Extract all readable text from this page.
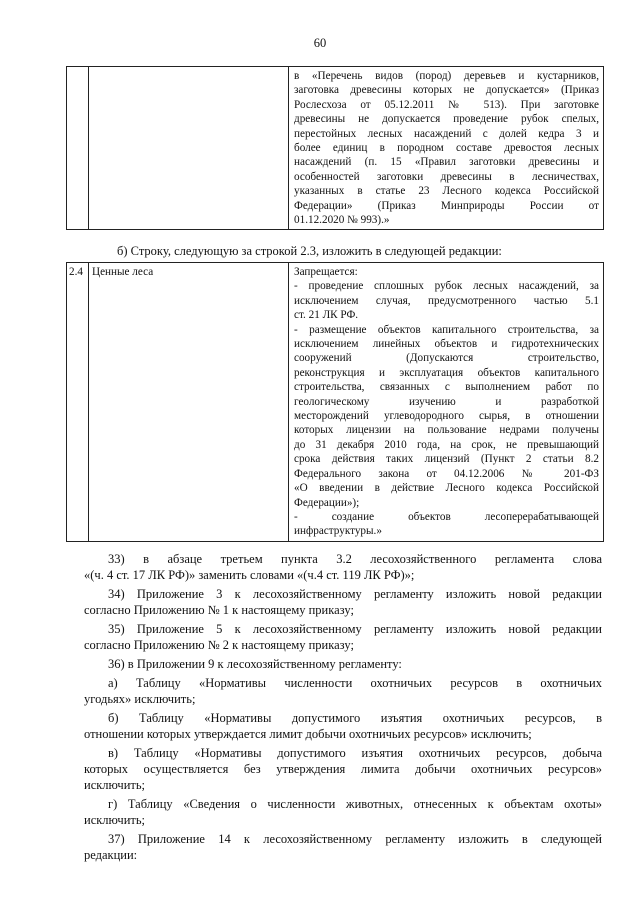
60

в «Перечень видов (пород) деревьев и кустарников,
заготовка древесины которых не допускается» (Приказ
Рослесхоза от 05.12.2011 № 513). При заготовке
древесины не допускается проведение рубок спелых,
перестойных лесных насаждений с долей кедра 3 и
более единиц в породном составе древостоя лесных
насаждений (п. 15 «Правил заготовки древесины и
особенностей заготовки древесины в лесничествах,
указанных в статье 23 Лесного кодекса Российской
Федерации» (Приказ Минприроды России от
01.12.2020 № 993).»
б) Строку, следующую за строкой 2.3, изложить в следующей редакции:
2.4	Ценные леса	Запрещается:
- проведение сплошных рубок лесных насаждений, за
исключением случая, предусмотренного частью 5.1
ст. 21 ЛК РФ.
- размещение объектов капитального строительства, за
исключением линейных объектов и гидротехнических
сооружений (Допускаются строительство,
реконструкция и эксплуатация объектов капитального
строительства, связанных с выполнением работ по
геологическому изучению и разработкой
месторождений углеводородного сырья, в отношении
которых лицензии на пользование недрами получены
до 31 декабря 2010 года, на срок, не превышающий
срока действия таких лицензий (Пункт 2 статьи 8.2
Федерального закона от 04.12.2006 № 201-ФЗ
«О введении в действие Лесного кодекса Российской
Федерации»);
- создание объектов лесоперерабатывающей
инфраструктуры.»

33) в абзаце третьем пункта 3.2 лесохозяйственного регламента слова
«(ч. 4 ст. 17 ЛК РФ)» заменить словами «(ч.4 ст. 119 ЛК РФ)»;

34) Приложение 3 к лесохозяйственному регламенту изложить новой редакции
согласно Приложению № 1 к настоящему приказу;

35) Приложение 5 к лесохозяйственному регламенту изложить новой редакции
согласно Приложению № 2 к настоящему приказу;

36) в Приложении 9 к лесохозяйственному регламенту:

а) Таблицу «Нормативы численности охотничьих ресурсов в охотничьих
угодьях» исключить;

б) Таблицу «Нормативы допустимого изъятия охотничьих ресурсов, в
отношении которых утверждается лимит добычи охотничьих ресурсов» исключить;

в) Таблицу «Нормативы допустимого изъятия охотничьих ресурсов, добыча
которых осуществляется без утверждения лимита добычи охотничьих ресурсов»
исключить;

г) Таблицу «Сведения о численности животных, отнесенных к объектам охоты»
исключить;

37) Приложение 14 к лесохозяйственному регламенту изложить в следующей
редакции:
